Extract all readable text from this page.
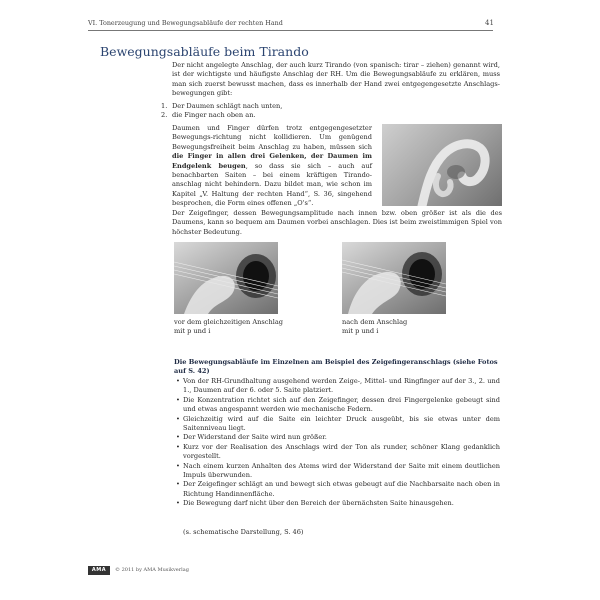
VI. Tonerzeugung und Bewegungsabläufe der rechten Hand	41
Bewegungsabläufe beim Tirando
Der nicht angelegte Anschlag, der auch kurz Tirando (von spanisch: tirar – ziehen) genannt wird, ist der wichtigste und häufigste Anschlag der RH. Um die Bewegungsabläufe zu erklären, muss man sich zuerst bewusst machen, dass es innerhalb der Hand zwei entgegengesetzte Anschlags-bewegungen gibt:
1. Der Daumen schlägt nach unten,
2. die Finger nach oben an.
Daumen und Finger dürfen trotz entgegengesetzter Bewegungs-richtung nicht kollidieren. Um genügend Bewegungsfreiheit beim Anschlag zu haben, müssen sich die Finger in allen drei Gelenken, der Daumen im Endgelenk beugen, so dass sie sich – auch auf benachbarten Saiten – bei einem kräftigen Tirando-anschlag nicht behindern. Dazu bildet man, wie schon im Kapitel „V. Haltung der rechten Hand“, S. 36, singehend besprochen, die Form eines offenen „O's“.
Der Zeigefinger, dessen Bewegungsamplitude nach innen bzw. oben größer ist als die des Daumens, kann so bequem am Daumen vorbei anschlagen. Dies ist beim zweistimmigen Spiel von höchster Bedeutung.
vor dem gleichzeitigen Anschlag
mit p und i
nach dem Anschlag
mit p und i
Die Bewegungsabläufe im Einzelnen am Beispiel des Zeigefingeranschlags (siehe Fotos auf S. 42)
• Von der RH-Grundhaltung ausgehend werden Zeige-, Mittel- und Ringfinger auf der 3., 2. und 1., Daumen auf der 6. oder 5. Saite platziert.
• Die Konzentration richtet sich auf den Zeigefinger, dessen drei Fingergelenke gebeugt sind und etwas angespannt werden wie mechanische Federn.
• Gleichzeitig wird auf die Saite ein leichter Druck ausgeübt, bis sie etwas unter dem Saitenniveau liegt.
• Der Widerstand der Saite wird nun größer.
• Kurz vor der Realisation des Anschlags wird der Ton als runder, schöner Klang gedanklich vorgestellt.
• Nach einem kurzen Anhalten des Atems wird der Widerstand der Saite mit einem deutlichen Impuls überwunden.
• Der Zeigefinger schlägt an und bewegt sich etwas gebeugt auf die Nachbarsaite nach oben in Richtung Handinnenfläche.
• Die Bewegung darf nicht über den Bereich der übernächsten Saite hinausgehen.
(s. schematische Darstellung, S. 46)
AMA	© 2011 by AMA Musikverlag
